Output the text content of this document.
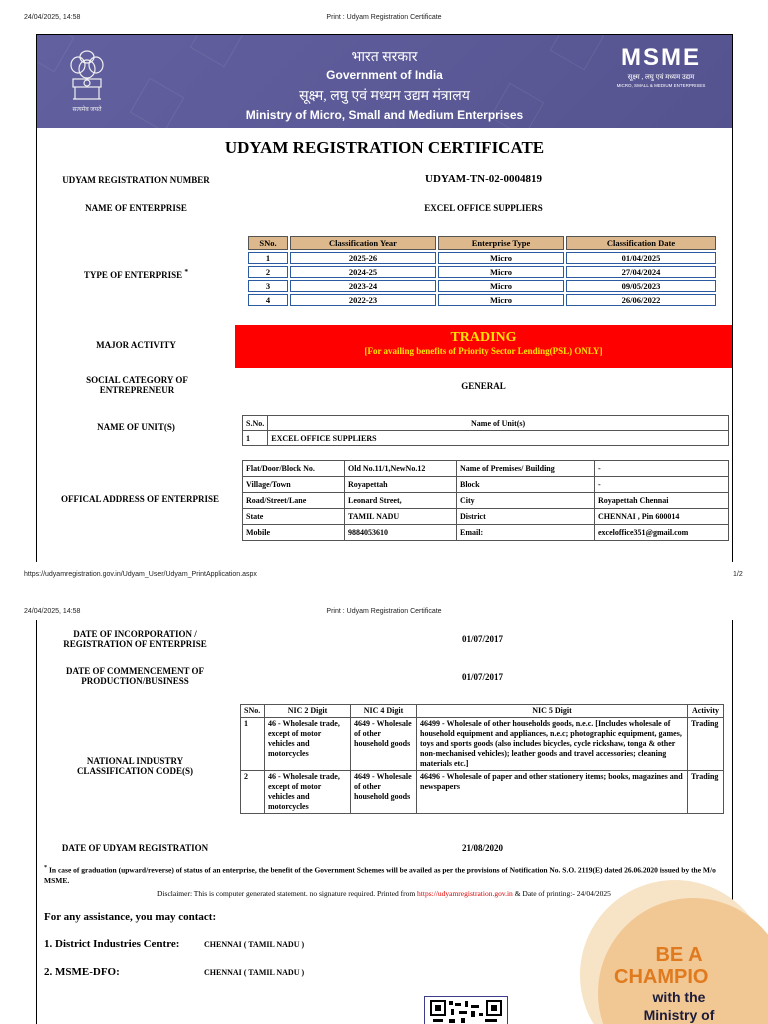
24/04/2025, 14:58	Print : Udyam Registration Certificate
सत्यमेव जयते
भारत सरकार
Government of India
सूक्ष्म, लघु एवं मध्यम उद्यम मंत्रालय
Ministry of Micro, Small and Medium Enterprises
MSME
सूक्ष्म , लघु एवं मध्यम उद्यम
MICRO, SMALL & MEDIUM ENTERPRISES
UDYAM REGISTRATION CERTIFICATE
UDYAM REGISTRATION NUMBER	UDYAM-TN-02-0004819
NAME OF ENTERPRISE	EXCEL OFFICE SUPPLIERS
TYPE OF ENTERPRISE *
SNo.	Classification Year	Enterprise Type	Classification Date
1	2025-26	Micro	01/04/2025
2	2024-25	Micro	27/04/2024
3	2023-24	Micro	09/05/2023
4	2022-23	Micro	26/06/2022
MAJOR ACTIVITY	TRADING
[For availing benefits of Priority Sector Lending(PSL) ONLY]
SOCIAL CATEGORY OF ENTREPRENEUR	GENERAL
NAME OF UNIT(S)	S.No.	Name of Unit(s)
1	EXCEL OFFICE SUPPLIERS
OFFICAL ADDRESS OF ENTERPRISE
Flat/Door/Block No.	Old No.11/1,NewNo.12	Name of Premises/ Building	-
Village/Town	Royapettah	Block	-
Road/Street/Lane	Leonard Street,	City	Royapettah Chennai
State	TAMIL NADU	District	CHENNAI , Pin 600014
Mobile	9884053610	Email:	exceloffice351@gmail.com
https://udyamregistration.gov.in/Udyam_User/Udyam_PrintApplication.aspx	1/2
24/04/2025, 14:58	Print : Udyam Registration Certificate
DATE OF INCORPORATION / REGISTRATION OF ENTERPRISE	01/07/2017
DATE OF COMMENCEMENT OF PRODUCTION/BUSINESS	01/07/2017
NATIONAL INDUSTRY CLASSIFICATION CODE(S)
SNo.	NIC 2 Digit	NIC 4 Digit	NIC 5 Digit	Activity
1	46 - Wholesale trade, except of motor vehicles and motorcycles	4649 - Wholesale of other household goods	46499 - Wholesale of other households goods, n.e.c. [Includes wholesale of household equipment and appliances, n.e.c; photographic equipment, games, toys and sports goods (also includes bicycles, cycle rickshaw, tonga & other non-mechanised vehicles); leather goods and travel accessories; cleaning materials etc.]	Trading
2	46 - Wholesale trade, except of motor vehicles and motorcycles	4649 - Wholesale of other household goods	46496 - Wholesale of paper and other stationery items; books, magazines and newspapers	Trading
DATE OF UDYAM REGISTRATION	21/08/2020
* In case of graduation (upward/reverse) of status of an enterprise, the benefit of the Government Schemes will be availed as per the provisions of Notification No. S.O. 2119(E) dated 26.06.2020 issued by the M/o MSME.
Disclaimer: This is computer generated statement. no signature required. Printed from https://udyamregistration.gov.in & Date of printing:- 24/04/2025
BE A
CHAMPIO
with the
Ministry of
For any assistance, you may contact:
1. District Industries Centre:	CHENNAI ( TAMIL NADU )
2. MSME-DFO:	CHENNAI ( TAMIL NADU )
